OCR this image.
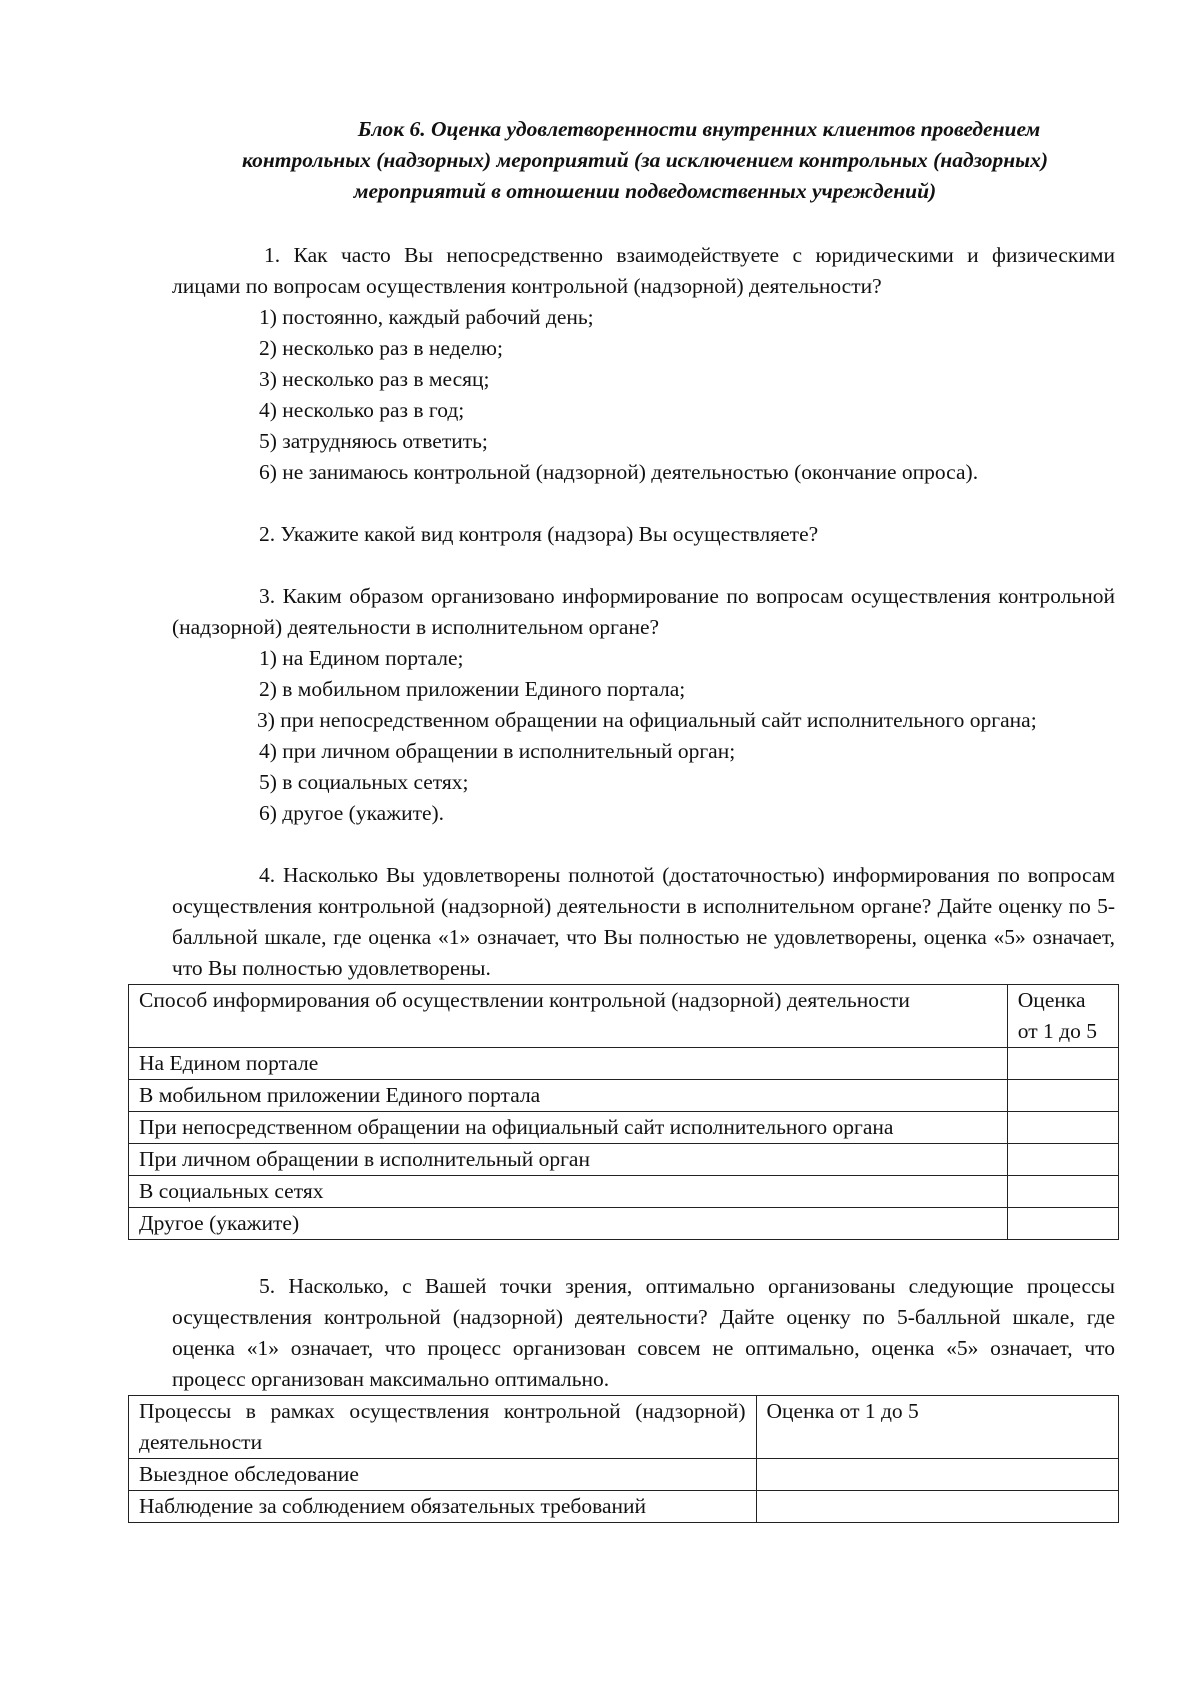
Блок 6. Оценка удовлетворенности внутренних клиентов проведением
контрольных (надзорных) мероприятий (за исключением контрольных (надзорных)
мероприятий в отношении подведомственных учреждений)

1. Как часто Вы непосредственно взаимодействуете с юридическими и физическими лицами по вопросам осуществления контрольной (надзорной) деятельности?

1) постоянно, каждый рабочий день;
2) несколько раз в неделю;
3) несколько раз в месяц;
4) несколько раз в год;
5) затрудняюсь ответить;
6) не занимаюсь контрольной (надзорной) деятельностью (окончание опроса).

2. Укажите какой вид контроля (надзора) Вы осуществляете?

3. Каким образом организовано информирование по вопросам осуществления контрольной (надзорной) деятельности в исполнительном органе?

1) на Едином портале;
2) в мобильном приложении Единого портала;

3) при непосредственном обращении на официальный сайт исполнительного органа;

4) при личном обращении в исполнительный орган;
5) в социальных сетях;
6) другое (укажите).

4. Насколько Вы удовлетворены полнотой (достаточностью) информирования по вопросам осуществления контрольной (надзорной) деятельности в исполнительном органе? Дайте оценку по 5-балльной шкале, где оценка «1» означает, что Вы полностью не удовлетворены, оценка «5» означает, что Вы полностью удовлетворены.

Способ информирования об осуществлении контрольной (надзорной) деятельности	Оценка от 1 до 5
На Едином портале	
В мобильном приложении Единого портала	
При непосредственном обращении на официальный сайт исполнительного органа	
При личном обращении в исполнительный орган	
В социальных сетях	
Другое (укажите)	

5. Насколько, с Вашей точки зрения, оптимально организованы следующие процессы осуществления контрольной (надзорной) деятельности? Дайте оценку по 5-балльной шкале, где оценка «1» означает, что процесс организован совсем не оптимально, оценка «5» означает, что процесс организован максимально оптимально.

Процессы в рамках осуществления контрольной (надзорной) деятельности	Оценка от 1 до 5
Выездное обследование	
Наблюдение за соблюдением обязательных требований	
